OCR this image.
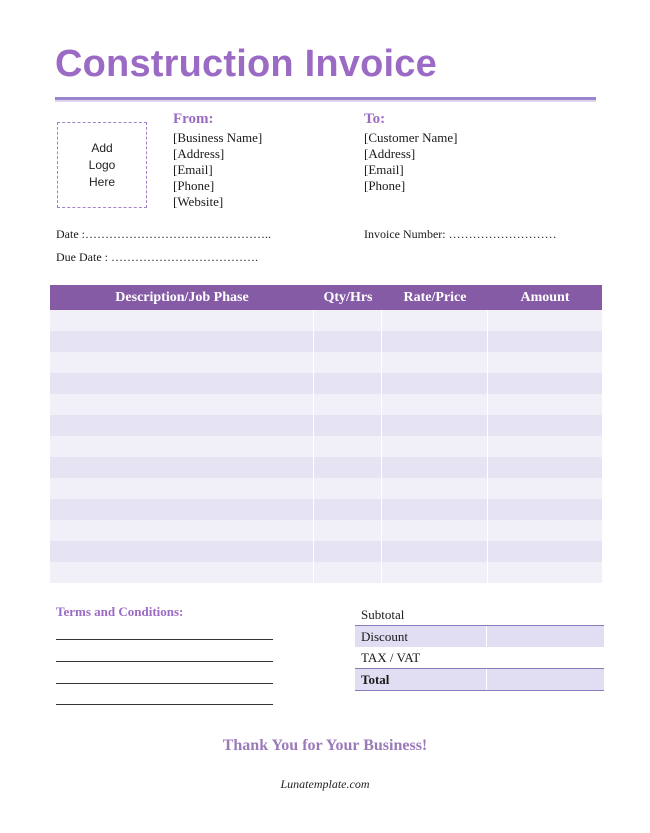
Construction Invoice
Add
Logo
Here
From:
[Business Name]
[Address]
[Email]
[Phone]
[Website]
To:
[Customer Name]
[Address]
[Email]
[Phone]
Date :………………………………………..
Due Date : ……………………………….
Invoice Number: ………………………
Description/Job Phase	Qty/Hrs	Rate/Price	Amount
Terms and Conditions:	Subtotal
Discount
TAX / VAT
Total
Thank You for Your Business!
Lunatemplate.com
